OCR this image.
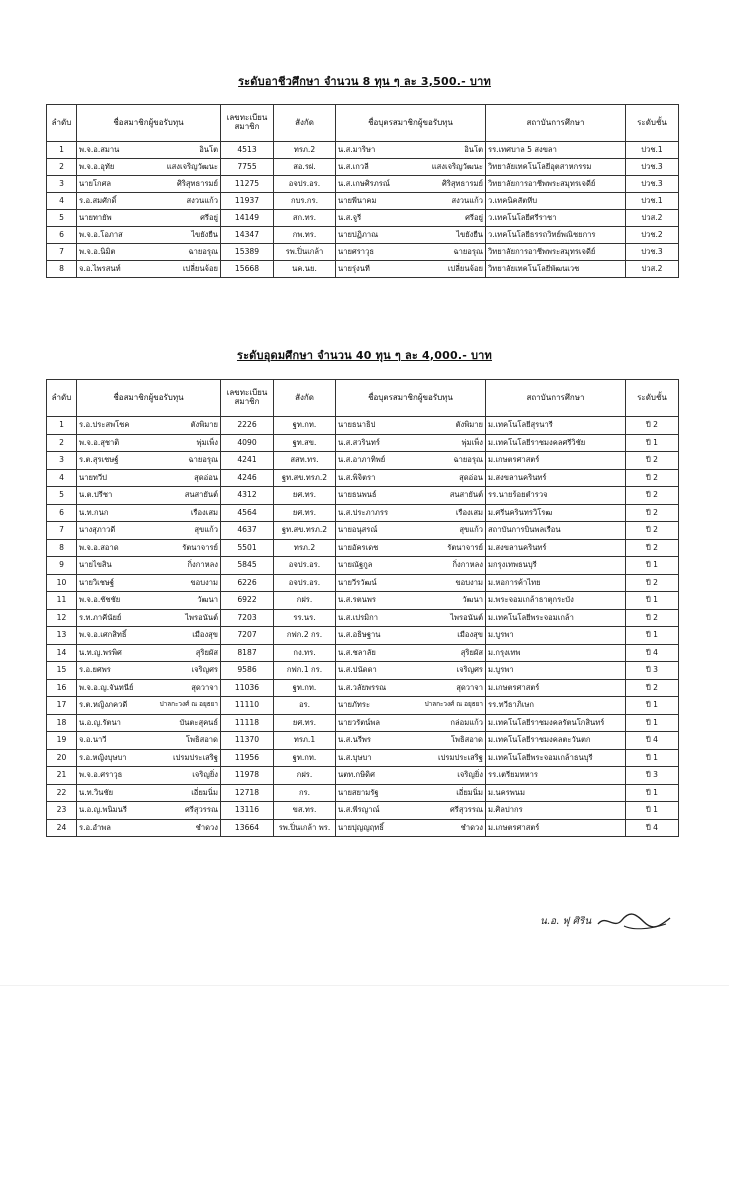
ระดับอาชีวศึกษา จำนวน 8 ทุน ๆ ละ 3,500.- บาท
ลำดับ	ชื่อสมาชิกผู้ขอรับทุน	เลขทะเบียน สมาชิก	สังกัด	ชื่อบุตรสมาชิกผู้ขอรับทุน	สถาบันการศึกษา	ระดับชั้น
1	พ.จ.อ.สมาน อินโต	4513	ทรภ.2	น.ส.มาริษา อินโต	รร.เทศบาล 5 สงขลา	ปวช.1
2	พ.จ.อ.อุทัย แสงเจริญวัฒนะ	7755	สอ.รฝ.	น.ส.เกวลี แสงเจริญวัฒนะ	วิทยาลัยเทคโนโลยีอุตสาหกรรม	ปวช.3
3	นายโกศล ศิริสุทธารมย์	11275	อจปร.อร.	น.ส.เกษศิรภรณ์ ศิริสุทธารมย์	วิทยาลัยการอาชีพพระสมุทรเจดีย์	ปวช.3
4	ร.อ.สมศักดิ์ สงวนแก้ว	11937	กบร.กร.	นายพีนาคม สงวนแก้ว	ว.เทคนิคสัตหีบ	ปวช.1
5	นายทายัพ ศรีอยู่	14149	สก.ทร.	น.ส.จูรี ศรีอยู่	ว.เทคโนโลยีศรีราชา	ปวส.2
6	พ.จ.อ.โอภาส ไขยังยืน	14347	กพ.ทร.	นายปฏิภาณ ไขยังยืน	ว.เทคโนโลยีธรรถวิทย์พณิชยการ	ปวช.2
7	พ.จ.อ.นิมิต ฉายอรุณ	15389	รพ.ปิ่นเกล้า	นายศราวุธ ฉายอรุณ	วิทยาลัยการอาชีพพระสมุทรเจดีย์	ปวช.3
8	จ.อ.ไพรสนท์ เปลี่ยนจ้อย	15668	นค.นย.	นายรุ่งนที เปลี่ยนจ้อย	วิทยาลัยเทคโนโลยีพัฒนเวช	ปวส.2
ระดับอุดมศึกษา จำนวน 40 ทุน ๆ ละ 4,000.- บาท
ลำดับ	ชื่อสมาชิกผู้ขอรับทุน	เลขทะเบียน สมาชิก	สังกัด	ชื่อบุตรสมาชิกผู้ขอรับทุน	สถาบันการศึกษา	ระดับชั้น
1	ร.อ.ประสพโชค ตังพิมาย	2226	ฐท.กท.	นายธนาธิป ตังพิมาย	ม.เทคโนโลยีสุรนารี	ปี 2
2	พ.จ.อ.สุชาติ พุ่มเพ็ง	4090	ฐท.สข.	น.ส.สวรินทร์ พุ่มเพ็ง	ม.เทคโนโลยีราชมงคลศรีวิชัย	ปี 1
3	ร.ต.สุรเชษฐ์ ฉายอรุณ	4241	สสท.ทร.	น.ส.อาภาทิพย์ ฉายอรุณ	ม.เกษตรศาสตร์	ปี 2
4	นายทวีป สุดอ่อน	4246	ฐท.สข.ทรภ.2	น.ส.พิจิตรา สุดอ่อน	ม.สงขลานครินทร์	ปี 2
5	น.ต.ปรีชา สนสายันต์	4312	ยศ.ทร.	นายธนพนธ์ สนสายันต์	รร.นายร้อยตำรวจ	ปี 2
6	น.ท.กนก เรืองเสม	4564	ยศ.ทร.	น.ส.ประภาภรร เรืองเสม	ม.ศรีนครินทรวิโรฒ	ปี 2
7	นางสุภาวดี สุขแก้ว	4637	ฐท.สข.ทรภ.2	นายอนุสรณ์ สุขแก้ว	สถาบันการบินพลเรือน	ปี 2
8	พ.จ.อ.สอาด รัตนาจารย์	5501	ทรภ.2	นายอัครเดช รัตนาจารย์	ม.สงขลานครินทร์	ปี 2
9	นายไขสิน กิ่งกาหลง	5845	อจปร.อร.	นายณัฐกูล กิ่งกาหลง	มกรุงเทพธนบุรี	ปี 1
10	นายวิเชษฐ์ ขอบงาม	6226	อจปร.อร.	นายวีรวัฒน์ ขอบงาม	ม.หอการค้าไทย	ปี 2
11	พ.จ.อ.ชัชชัย วัฒนา	6922	กฝร.	น.ส.รตนพร วัฒนา	ม.พระจอมเกล้าธาตุกระบัง	ปี 1
12	ร.ท.ภาคีนัยย์ ไพรอนันต์	7203	รร.นร.	น.ส.เปรมิกา ไพรอนันต์	ม.เทคโนโลยีพระจอมเกล้า	ปี 2
13	พ.จ.อ.เศกสิทธิ์ เมืองสุข	7207	กฟก.2 กร.	น.ส.อธิษฐาน เมืองสุข	ม.บูรพา	ปี 1
14	น.ท.ญ.พรพิศ สุริยผัส	8187	กง.ทร.	น.ส.ชลาลัย สุริยผัส	ม.กรุงเทพ	ปี 4
15	ร.อ.ยศพร เจริญศร	9586	กฟก.1 กร.	น.ส.ปนัดดา เจริญศร	ม.บูรพา	ปี 3
16	พ.จ.อ.ญ.จันทนีย์ สุดวาจา	11036	ฐท.กท.	น.ส.วลัยพรรณ สุดวาจา	ม.เกษตรศาสตร์	ปี 2
17	ร.ต.หญิงภควดี ปาลกะวงศ์ ณ อยุธยา	11110	อร.	นายภัทระ ปาลกะวงศ์ ณ อยุธยา	รร.ทวีธาภิเษก	ปี 1
18	น.อ.ญ.รัตนา บันตะสุคนธ์	11118	ยศ.ทร.	นายวรัตน์พล กล่อมแก้ว	ม.เทคโนโลยีราชมงคลรัตนโกสินทร์	ปี 1
19	จ.อ.นาวี โพธิสอาด	11370	ทรภ.1	น.ส.นรีพร โพธิสอาด	ม.เทคโนโลยีราชมงคลตะวันตก	ปี 4
20	ร.อ.หญิงบุษบา เปรมประเสริฐ	11956	ฐท.กท.	น.ส.บุษบา เปรมประเสริฐ	ม.เทคโนโลยีพระจอมเกล้าธนบุรี	ปี 1
21	พ.จ.อ.ศราวุธ เจริญยิ่ง	11978	กฝร.	นตท.กษิดิศ เจริญยิ่ง	รร.เตรียมทหาร	ปี 3
22	น.ท.วินชัย เอี่ยมนิ่ม	12718	กร.	นายสยามรัฐ เอี่ยมนิ่ม	ม.นครพนม	ปี 1
23	น.อ.ญ.พนิมนรี ศรีสุวรรณ	13116	ขส.ทร.	น.ส.พีรญาณ์ ศรีสุวรรณ	ม.ศิลปากร	ปี 1
24	ร.อ.อำพล ชำดวง	13664	รพ.ปิ่นเกล้า พร.	นายปุญญฤทธิ์ ชำดวง	ม.เกษตรศาสตร์	ปี 4
น.อ. ฟุ ศิริน
